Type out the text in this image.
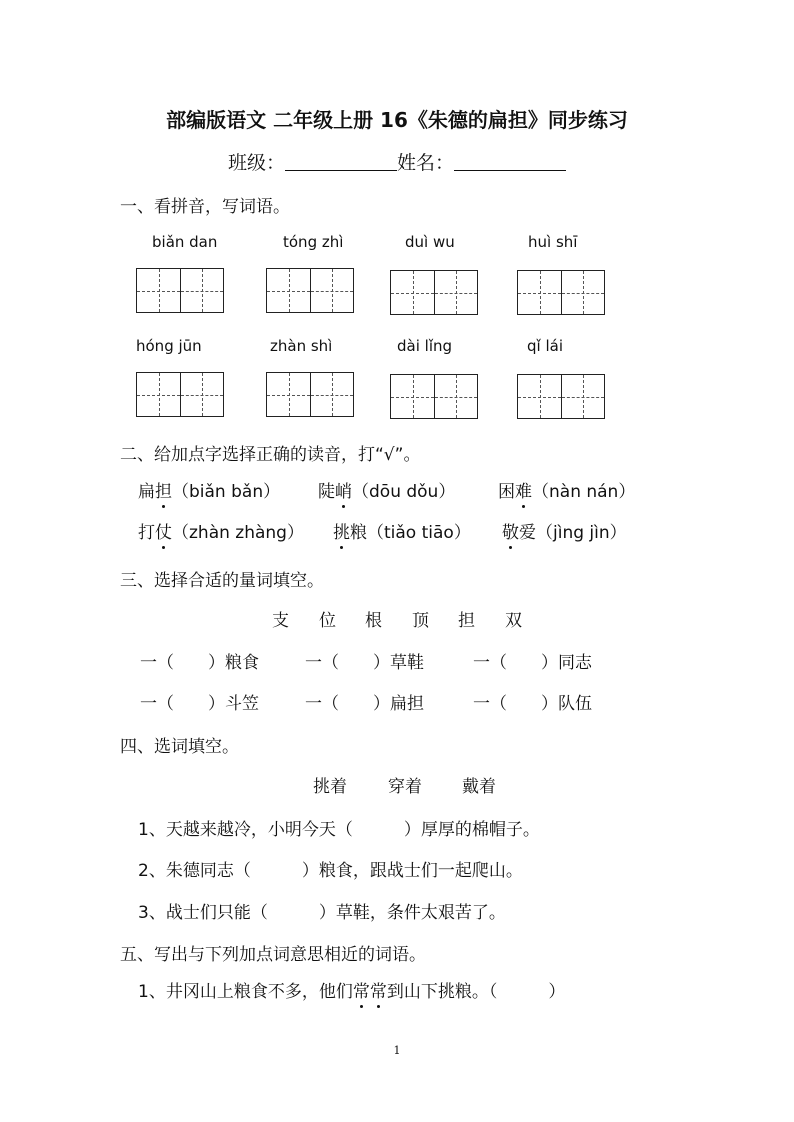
部编版语文 二年级上册 16《朱德的扁担》同步练习
班级：	姓名：
一、看拼音，写词语。
biǎn dan	tóng zhì	duì wu	huì shī
hóng jūn	zhàn shì	dài lǐng	qǐ lái
二、给加点字选择正确的读音，打“√”。
扁担（biǎn bǎn） 陡峭（dōu dǒu）	困难（nàn nán）
打仗（zhàn zhàng） 挑粮（tiǎo tiāo） 敬爱（jìng jìn）
三、选择合适的量词填空。
支 位 根 顶 担 双
一（　　）粮食	一（　　）草鞋	一（　　）同志
一（　　）斗笠	一（　　）扁担	一（　　）队伍
四、选词填空。
挑着 穿着 戴着
1、天越来越冷，小明今天（　　　）厚厚的棉帽子。
2、朱德同志（　　　）粮食，跟战士们一起爬山。
3、战士们只能（　　　）草鞋，条件太艰苦了。
五、写出与下列加点词意思相近的词语。
1、井冈山上粮食不多，他们常常到山下挑粮。（　　　）
1
